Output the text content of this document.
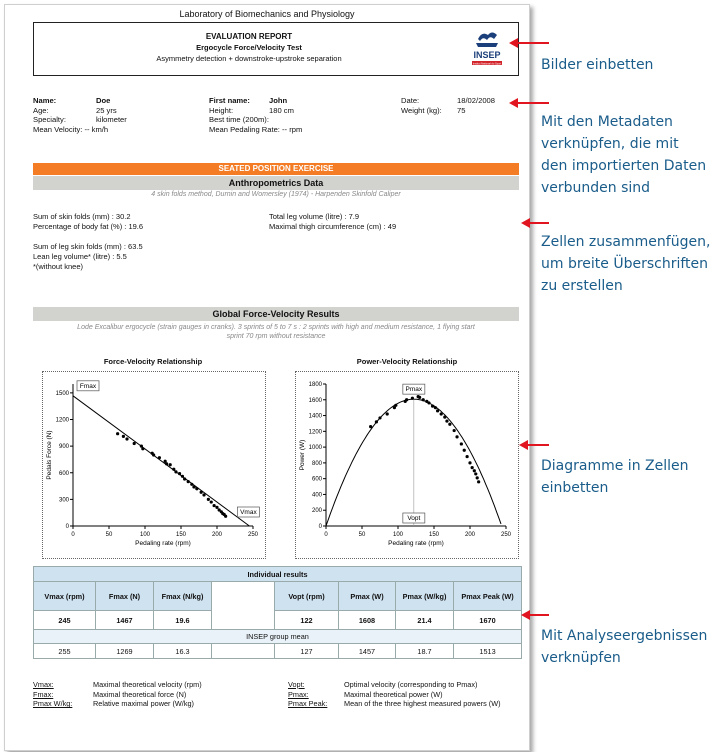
Laboratory of Biomechanics and Physiology
EVALUATION REPORT
Ergocycle Force/Velocity Test
Asymmetry detection + downstroke-upstroke separation	INSEP
Institut National du Sport
Name:	Doe
Age:	25 yrs
Specialty:	kilometer
Mean Velocity: -- km/h
First name:	John
Height:	180 cm
Best time (200m):
Mean Pedaling Rate: -- rpm
Date:	18/02/2008
Weight (kg): 75
SEATED POSITION EXERCISE
Anthropometrics Data
4 skin folds method, Durnin and Womersley (1974) - Harpenden Skinfold Caliper
Sum of skin folds (mm) : 30.2
Percentage of body fat (%) : 19.6
Sum of leg skin folds (mm) : 63.5
Lean leg volume* (litre) : 5.5
*(without knee)
Total leg volume (litre) : 7.9
Maximal thigh circumference (cm) : 49
Global Force-Velocity Results
Lode Excalibur ergocycle (strain gauges in cranks). 3 sprints of 5 to 7 s : 2 sprints with high and medium resistance, 1 flying start
sprint 70 rpm without resistance
Force-Velocity Relationship	Power-Velocity Relationship
0	50	100	150	200	250
0
300
600
900
1200
1500
Pedaling rate (rpm)
Pedals Force (N)
Fmax
Vmax
0	50	100	150	200	250
0
200
400
600
800
1000
1200
1400
1600
1800
Pedaling rate (rpm)
Power (W)
Pmax
Vopt
Individual results							
Vmax (rpm)	Fmax (N)	Fmax (N/kg)		Vopt (rpm)	Pmax (W)	Pmax (W/kg)	Pmax Peak (W)
245	1467	19.6		122	1608	21.4	1670
INSEP group mean							
255	1269	16.3		127	1457	18.7	1513
Vmax:	Maximal theoretical velocity (rpm)
Fmax:	Maximal theoretical force (N)
Pmax W/kg:	Relative maximal power (W/kg)
Vopt:	Optimal velocity (corresponding to Pmax)
Pmax:	Maximal theoretical power (W)
Pmax Peak: Mean of the three highest measured powers (W)
Bilder einbetten
Mit den Metadaten
verknüpfen, die mit
den importierten Daten
verbunden sind
Zellen zusammenfügen,
um breite Überschriften
zu erstellen
Diagramme in Zellen
einbetten
Mit Analyseergebnissen
verknüpfen
